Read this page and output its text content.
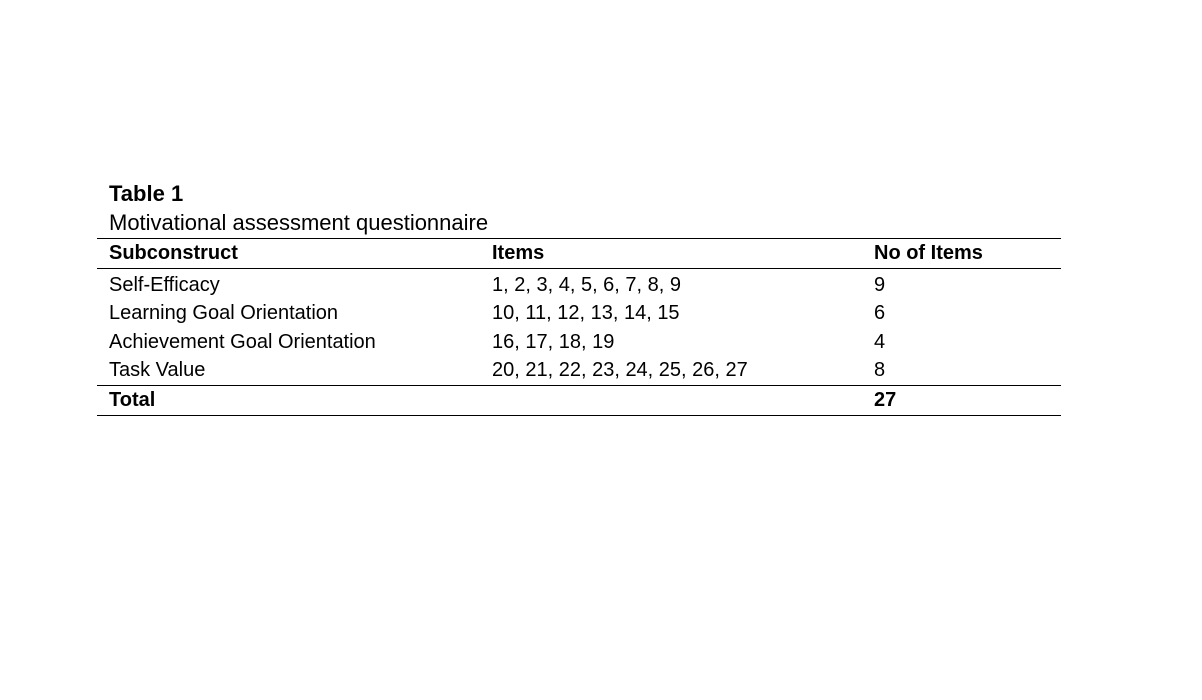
Table 1
Motivational assessment questionnaire
Subconstruct	Items	No of Items
Self-Efficacy	1, 2, 3, 4, 5, 6, 7, 8, 9	9
Learning Goal Orientation	10, 11, 12, 13, 14, 15	6
Achievement Goal Orientation	16, 17, 18, 19	4
Task Value	20, 21, 22, 23, 24, 25, 26, 27	8
Total		27
